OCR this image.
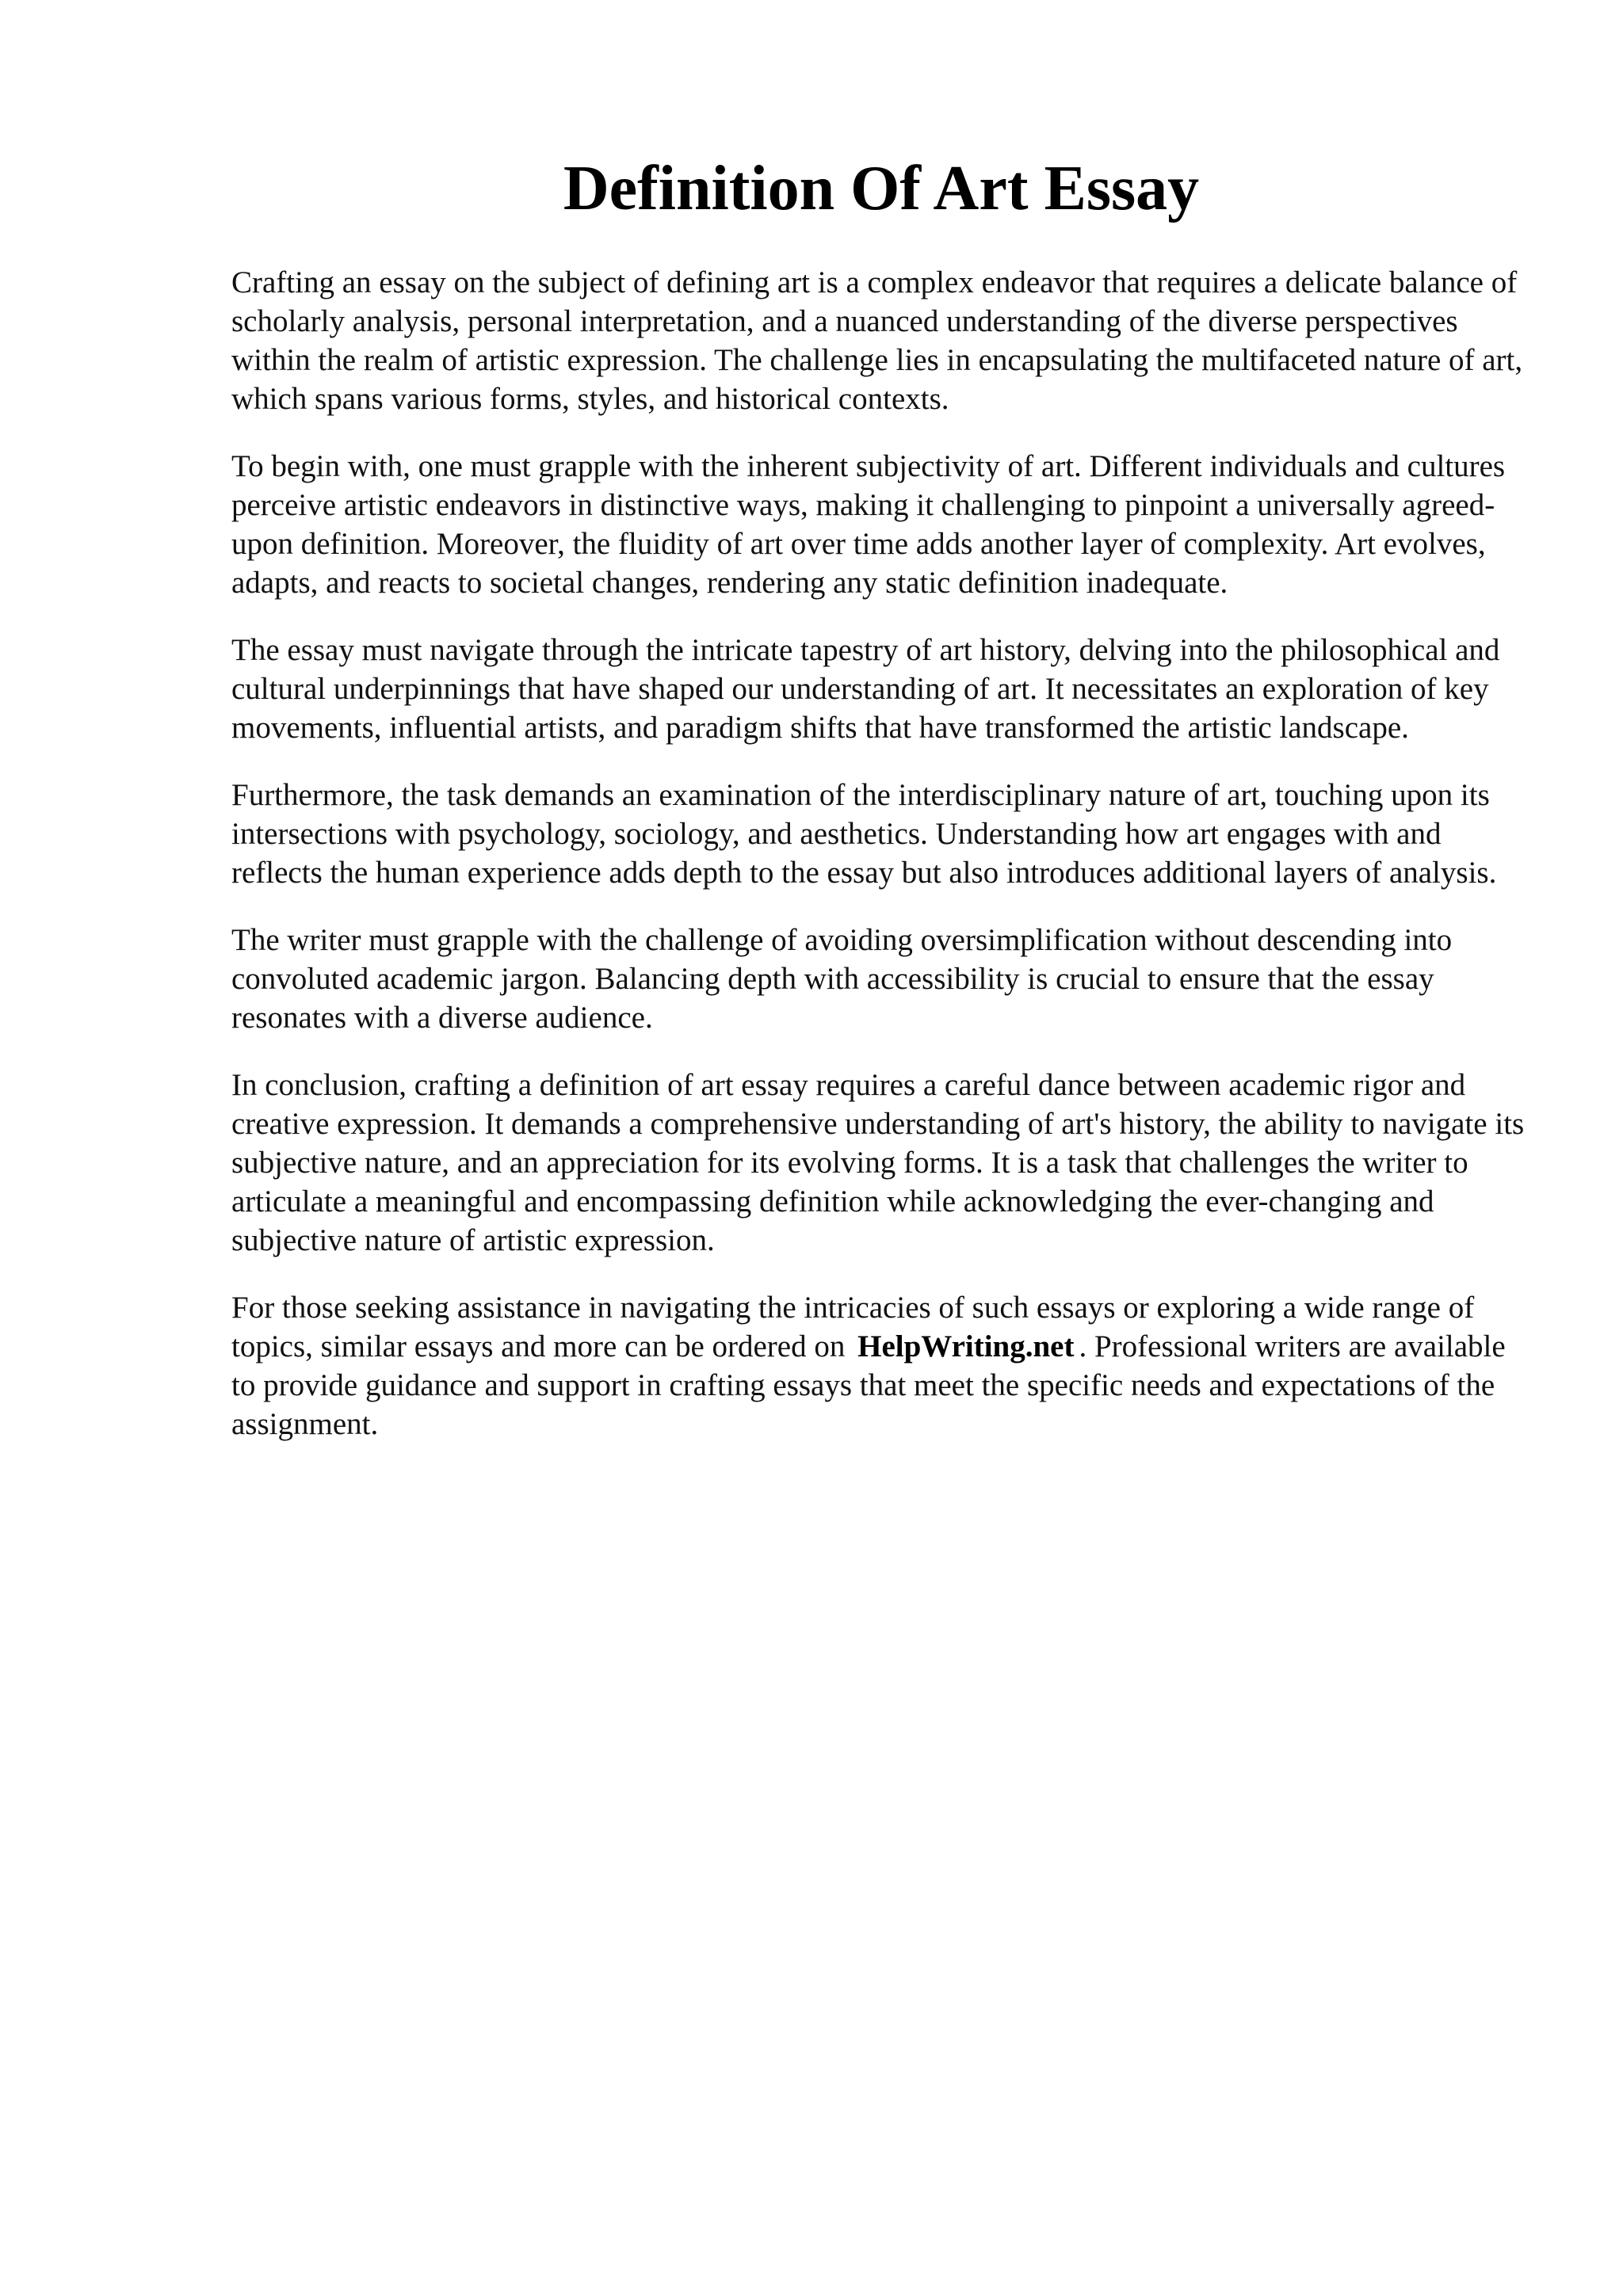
Definition Of Art Essay

Crafting an essay on the subject of defining art is a complex endeavor that requires a delicate balance of scholarly analysis, personal interpretation, and a nuanced understanding of the diverse perspectives within the realm of artistic expression. The challenge lies in encapsulating the multifaceted nature of art, which spans various forms, styles, and historical contexts.

To begin with, one must grapple with the inherent subjectivity of art. Different individuals and cultures perceive artistic endeavors in distinctive ways, making it challenging to pinpoint a universally agreed-upon definition. Moreover, the fluidity of art over time adds another layer of complexity. Art evolves, adapts, and reacts to societal changes, rendering any static definition inadequate.

The essay must navigate through the intricate tapestry of art history, delving into the philosophical and cultural underpinnings that have shaped our understanding of art. It necessitates an exploration of key movements, influential artists, and paradigm shifts that have transformed the artistic landscape.

Furthermore, the task demands an examination of the interdisciplinary nature of art, touching upon its intersections with psychology, sociology, and aesthetics. Understanding how art engages with and reflects the human experience adds depth to the essay but also introduces additional layers of analysis.

The writer must grapple with the challenge of avoiding oversimplification without descending into convoluted academic jargon. Balancing depth with accessibility is crucial to ensure that the essay resonates with a diverse audience.

In conclusion, crafting a definition of art essay requires a careful dance between academic rigor and creative expression. It demands a comprehensive understanding of art's history, the ability to navigate its subjective nature, and an appreciation for its evolving forms. It is a task that challenges the writer to articulate a meaningful and encompassing definition while acknowledging the ever-changing and subjective nature of artistic expression.

For those seeking assistance in navigating the intricacies of such essays or exploring a wide range of topics, similar essays and more can be ordered on HelpWriting.net . Professional writers are available to provide guidance and support in crafting essays that meet the specific needs and expectations of the assignment.
